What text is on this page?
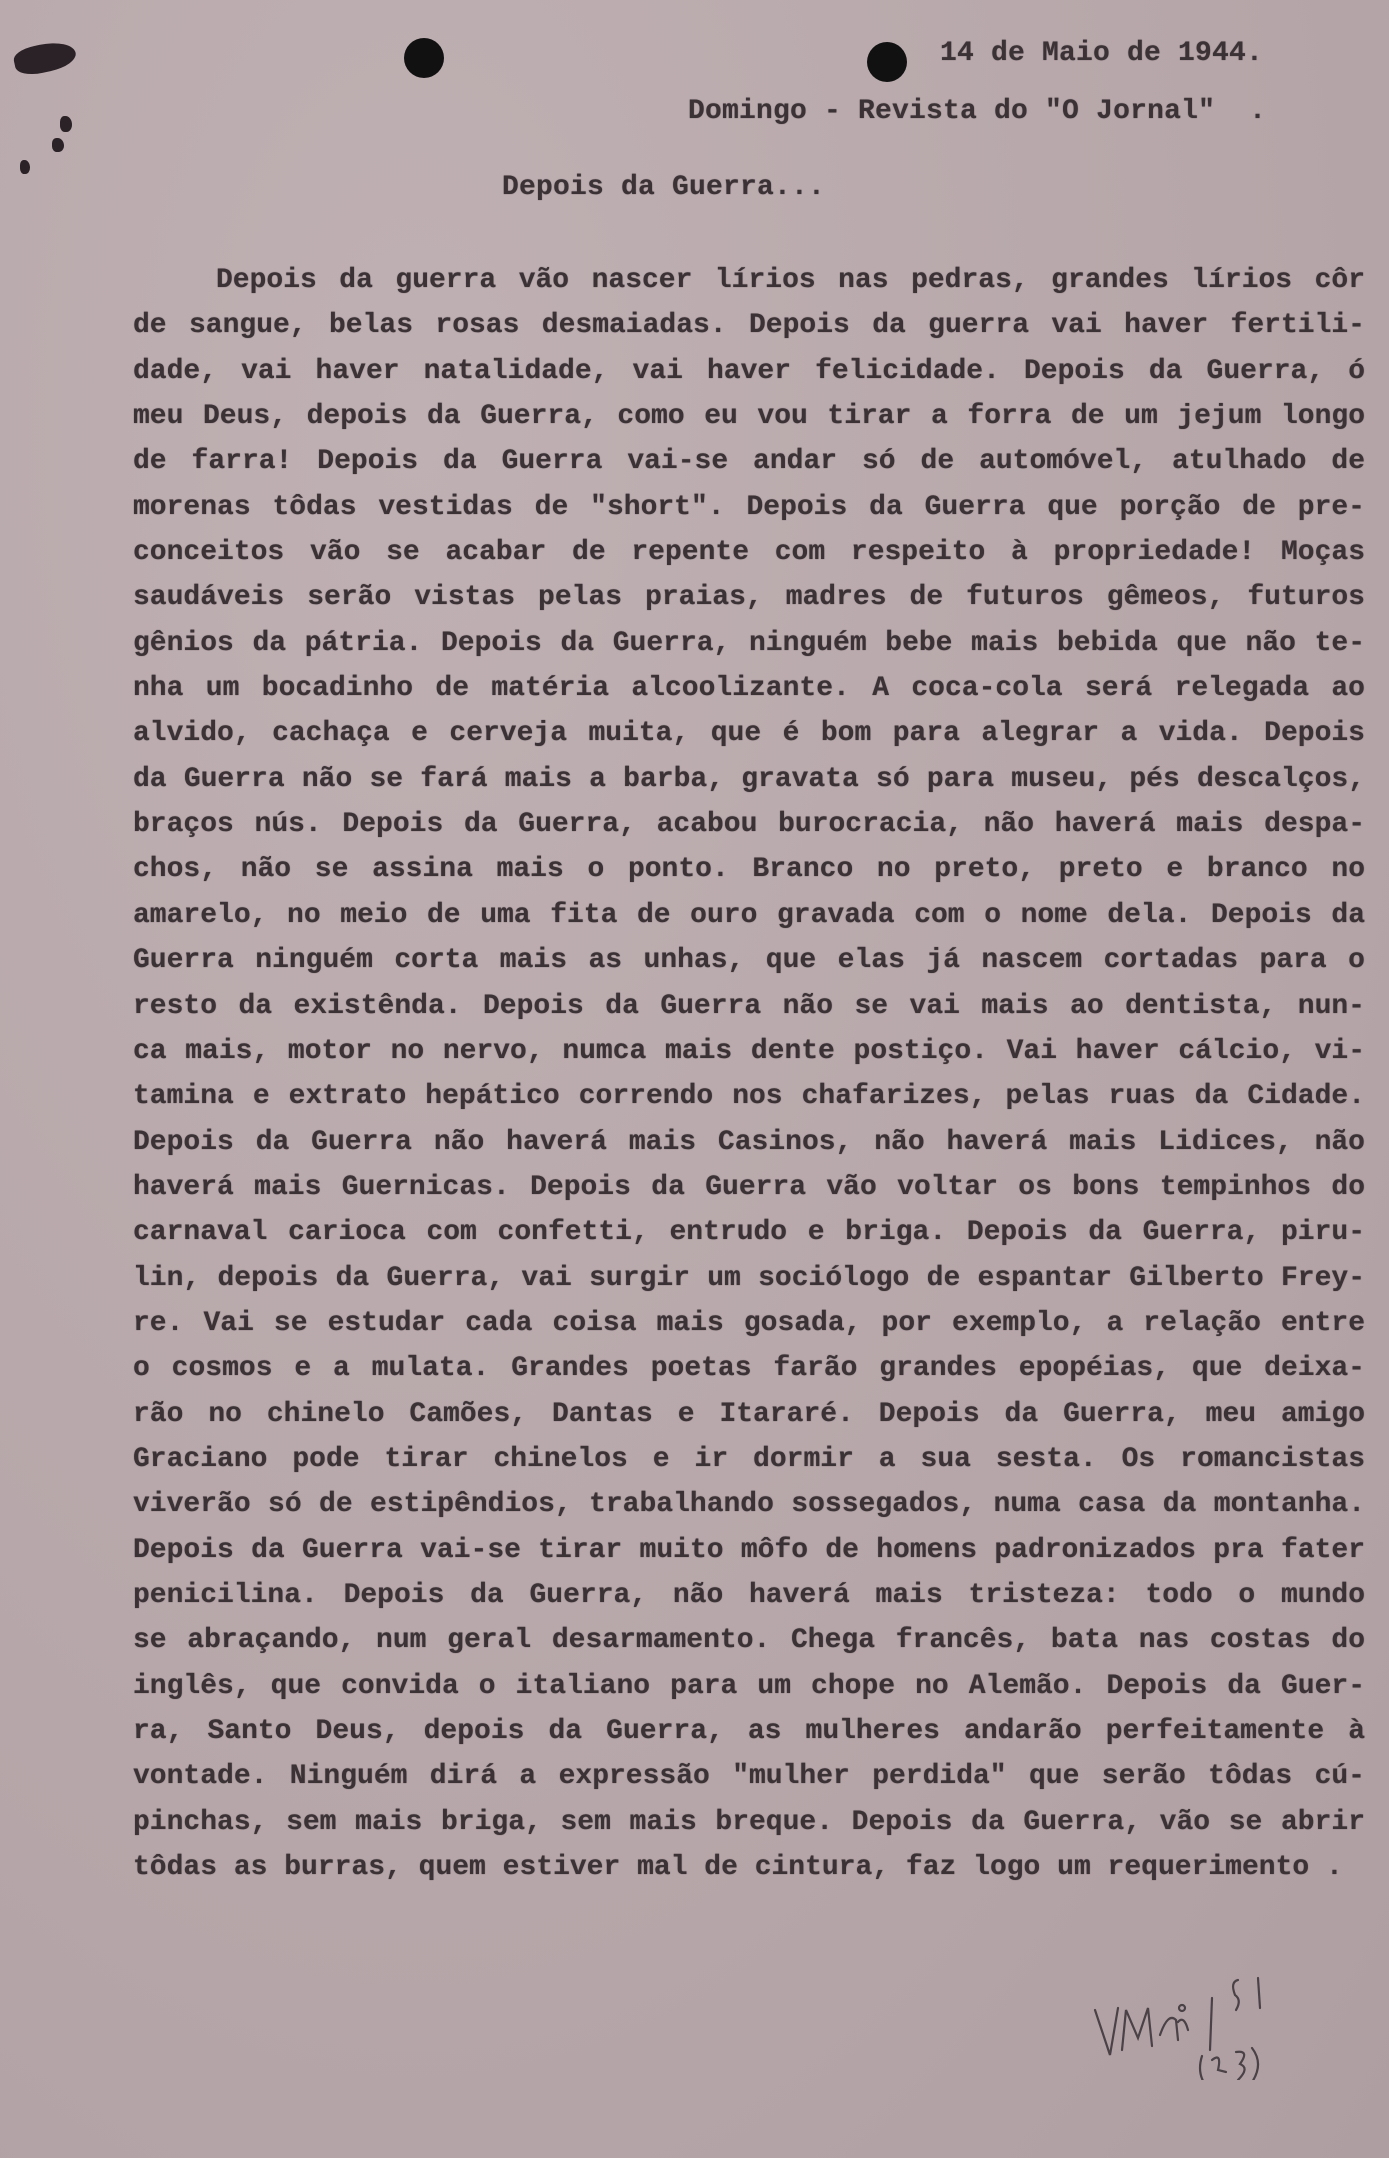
14 de Maio de 1944.
Domingo - Revista do "O Jornal"  .
Depois da Guerra...
Depois da guerra vão nascer lírios nas pedras, grandes lírios côr
de sangue, belas rosas desmaiadas. Depois da guerra vai haver fertili-
dade, vai haver natalidade, vai haver felicidade. Depois da Guerra, ó
meu Deus, depois da Guerra, como eu vou tirar a forra de um jejum longo
de farra! Depois da Guerra vai-se andar só de automóvel, atulhado de
morenas tôdas vestidas de "short". Depois da Guerra que porção de pre-
conceitos vão se acabar de repente com respeito à propriedade! Moças
saudáveis serão vistas pelas praias, madres de futuros gêmeos, futuros
gênios da pátria. Depois da Guerra, ninguém bebe mais bebida que não te-
nha um bocadinho de matéria alcoolizante. A coca-cola será relegada ao
alvido, cachaça e cerveja muita, que é bom para alegrar a vida. Depois
da Guerra não se fará mais a barba, gravata só para museu, pés descalços,
braços nús. Depois da Guerra, acabou burocracia, não haverá mais despa-
chos, não se assina mais o ponto. Branco no preto, preto e branco no
amarelo, no meio de uma fita de ouro gravada com o nome dela. Depois da
Guerra ninguém corta mais as unhas, que elas já nascem cortadas para o
resto da existênda. Depois da Guerra não se vai mais ao dentista, nun-
ca mais, motor no nervo, numca mais dente postiço. Vai haver cálcio, vi-
tamina e extrato hepático correndo nos chafarizes, pelas ruas da Cidade.
Depois da Guerra não haverá mais Casinos, não haverá mais Lidices, não
haverá mais Guernicas. Depois da Guerra vão voltar os bons tempinhos do
carnaval carioca com confetti, entrudo e briga. Depois da Guerra, piru-
lin, depois da Guerra, vai surgir um sociólogo de espantar Gilberto Frey-
re. Vai se estudar cada coisa mais gosada, por exemplo, a relação entre
o cosmos e a mulata. Grandes poetas farão grandes epopéias, que deixa-
rão no chinelo Camões, Dantas e Itararé. Depois da Guerra, meu amigo
Graciano pode tirar chinelos e ir dormir a sua sesta. Os romancistas
viverão só de estipêndios, trabalhando sossegados, numa casa da montanha.
Depois da Guerra vai-se tirar muito môfo de homens padronizados pra fater
penicilina. Depois da Guerra, não haverá mais tristeza: todo o mundo
se abraçando, num geral desarmamento. Chega francês, bata nas costas do
inglês, que convida o italiano para um chope no Alemão. Depois da Guer-
ra, Santo Deus, depois da Guerra, as mulheres andarão perfeitamente à
vontade. Ninguém dirá a expressão "mulher perdida" que serão tôdas cú-
pinchas, sem mais briga, sem mais breque. Depois da Guerra, vão se abrir
tôdas as burras, quem estiver mal de cintura, faz logo um requerimento .
